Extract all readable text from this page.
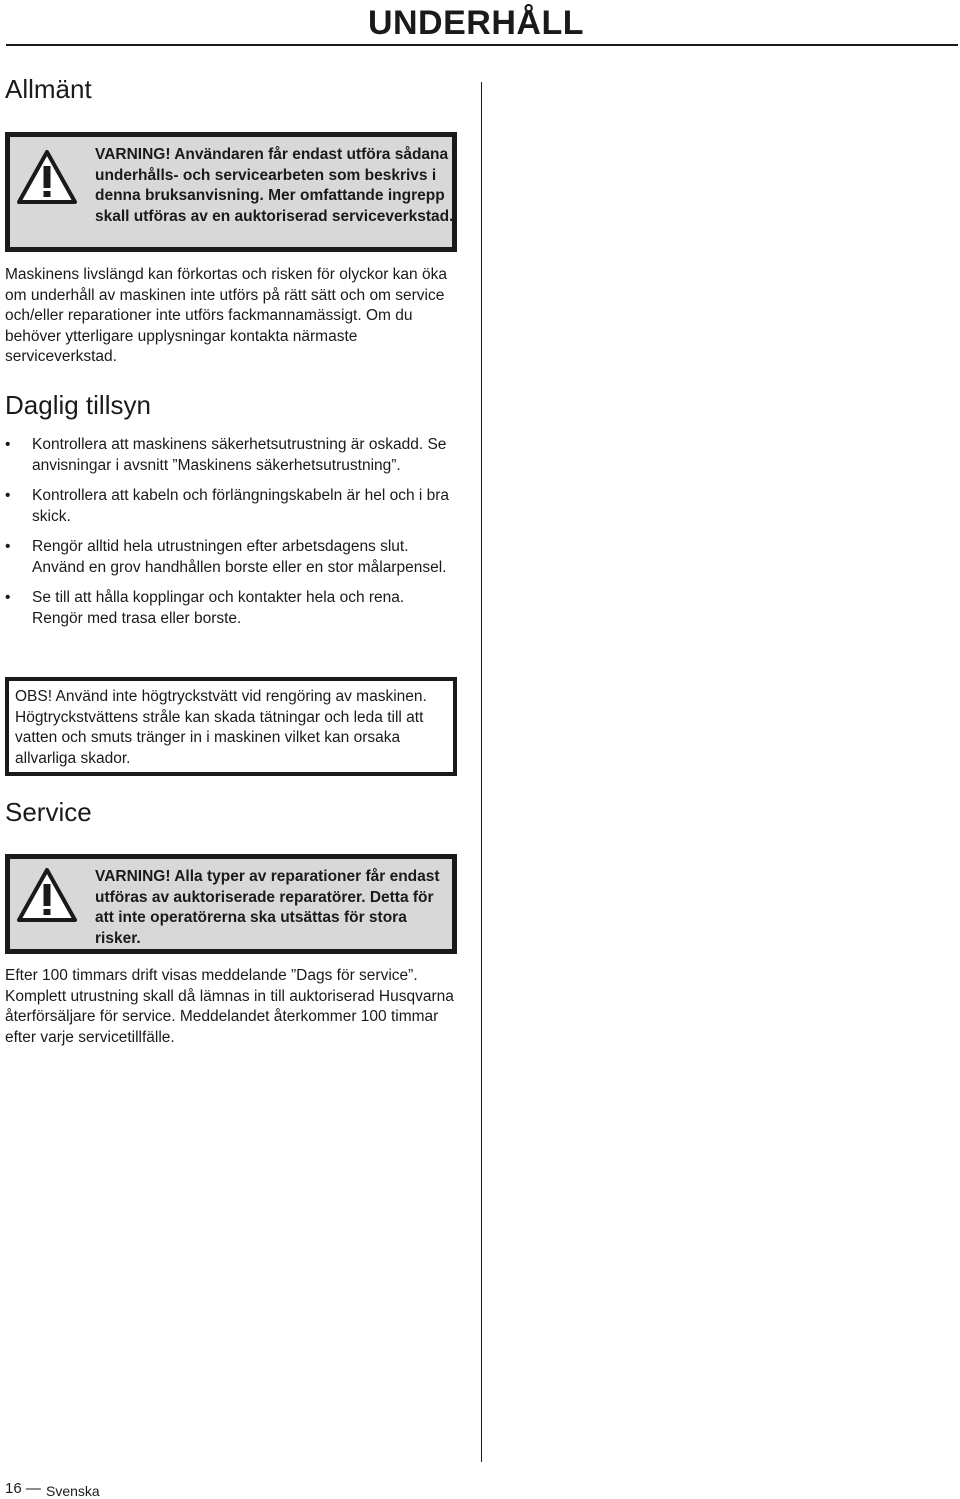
UNDERHÅLL
Allmänt
VARNING! Användaren får endast utföra sådana underhålls- och servicearbeten som beskrivs i denna bruksanvisning. Mer omfattande ingrepp skall utföras av en auktoriserad serviceverkstad.
Maskinens livslängd kan förkortas och risken för olyckor kan öka om underhåll av maskinen inte utförs på rätt sätt och om service och/eller reparationer inte utförs fackmannamässigt. Om du behöver ytterligare upplysningar kontakta närmaste serviceverkstad.
Daglig tillsyn
• Kontrollera att maskinens säkerhetsutrustning är oskadd. Se anvisningar i avsnitt ”Maskinens säkerhetsutrustning”.
• Kontrollera att kabeln och förlängningskabeln är hel och i bra skick.
• Rengör alltid hela utrustningen efter arbetsdagens slut. Använd en grov handhållen borste eller en stor målarpensel.
• Se till att hålla kopplingar och kontakter hela och rena. Rengör med trasa eller borste.
OBS! Använd inte högtryckstvätt vid rengöring av maskinen. Högtryckstvättens stråle kan skada tätningar och leda till att vatten och smuts tränger in i maskinen vilket kan orsaka allvarliga skador.
Service
VARNING! Alla typer av reparationer får endast utföras av auktoriserade reparatörer. Detta för att inte operatörerna ska utsättas för stora risker.
Efter 100 timmars drift visas meddelande ”Dags för service”. Komplett utrustning skall då lämnas in till auktoriserad Husqvarna återförsäljare för service. Meddelandet återkommer 100 timmar efter varje servicetillfälle.
16 — Svenska
